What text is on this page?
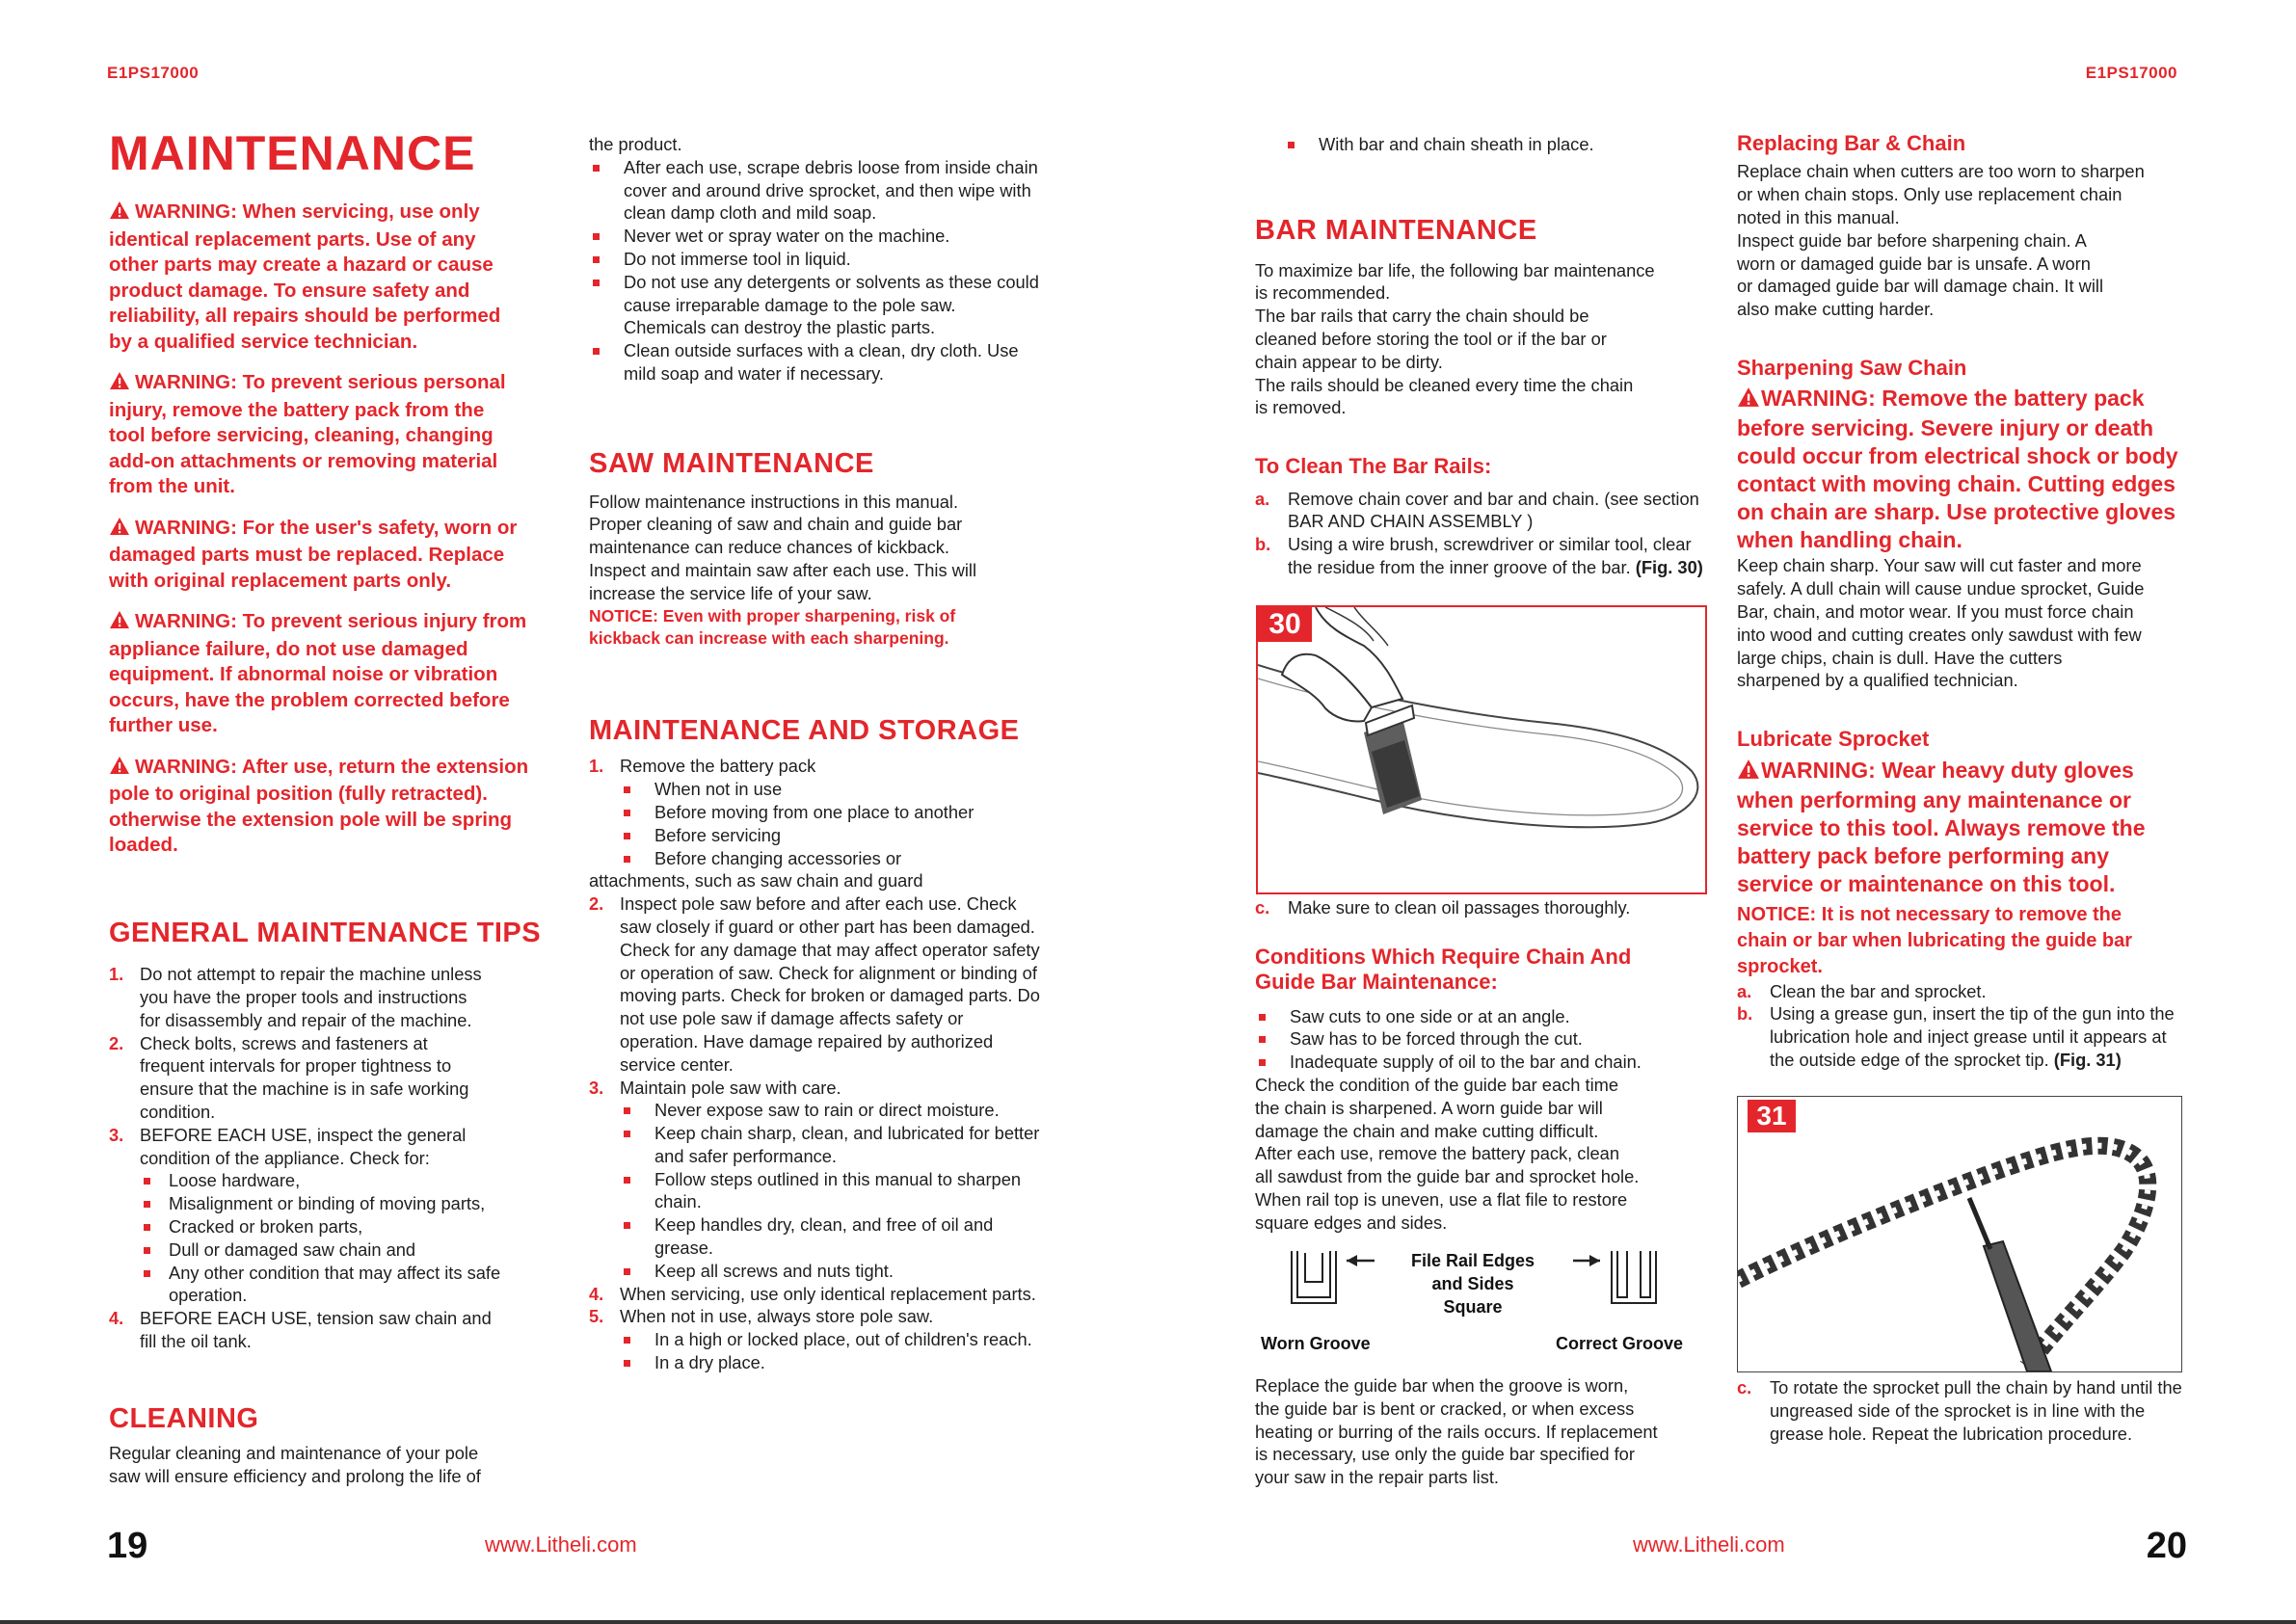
E1PS17000
MAINTENANCE

WARNING: When servicing, use only
identical replacement parts. Use of any
other parts may create a hazard or cause
product damage. To ensure safety and
reliability, all repairs should be performed
by a qualified service technician.

WARNING: To prevent serious personal
injury, remove the battery pack from the
tool before servicing, cleaning, changing
add-on attachments or removing material
from the unit.

WARNING: For the user's safety, worn or
damaged parts must be replaced. Replace
with original replacement parts only.

WARNING: To prevent serious injury from
appliance failure, do not use damaged
equipment. If abnormal noise or vibration
occurs, have the problem corrected before
further use.

WARNING: After use, return the extension
pole to original position (fully retracted).
otherwise the extension pole will be spring
loaded.

GENERAL MAINTENANCE TIPS
1. Do not attempt to repair the machine unless
you have the proper tools and instructions
for disassembly and repair of the machine.
2. Check bolts, screws and fasteners at
frequent intervals for proper tightness to
ensure that the machine is in safe working
condition.
3. BEFORE EACH USE, inspect the general
condition of the appliance. Check for:
Loose hardware,
Misalignment or binding of moving parts,
Cracked or broken parts,
Dull or damaged saw chain and
Any other condition that may affect its safe operation.
4. BEFORE EACH USE, tension saw chain and
fill the oil tank.
CLEANING

Regular cleaning and maintenance of your pole
saw will ensure efficiency and prolong the life of

the product.

After each use, scrape debris loose from inside chain cover and around drive sprocket, and then wipe with clean damp cloth and mild soap.
Never wet or spray water on the machine.
Do not immerse tool in liquid.
Do not use any detergents or solvents as these could cause irreparable damage to the pole saw. Chemicals can destroy the plastic parts.
Clean outside surfaces with a clean, dry cloth. Use mild soap and water if necessary.
SAW MAINTENANCE

Follow maintenance instructions in this manual.
Proper cleaning of saw and chain and guide bar
maintenance can reduce chances of kickback.
Inspect and maintain saw after each use. This will
increase the service life of your saw.

NOTICE: Even with proper sharpening, risk of
kickback can increase with each sharpening.

MAINTENANCE AND STORAGE
1. Remove the battery pack
When not in use
Before moving from one place to another
Before servicing
Before changing accessories or
attachments, such as saw chain and guard
2. Inspect pole saw before and after each use. Check saw closely if guard or other part has been damaged. Check for any damage that may affect operator safety or operation of saw. Check for alignment or binding of moving parts. Check for broken or damaged parts. Do not use pole saw if damage affects safety or operation. Have damage repaired by authorized service center.
3. Maintain pole saw with care.
Never expose saw to rain or direct moisture.
Keep chain sharp, clean, and lubricated for better and safer performance.
Follow steps outlined in this manual to sharpen chain.
Keep handles dry, clean, and free of oil and grease.
Keep all screws and nuts tight.
4. When servicing, use only identical replacement parts.
5. When not in use, always store pole saw.
In a high or locked place, out of children's reach.
In a dry place.
19	www.Litheli.com
E1PS17000
With bar and chain sheath in place.
BAR MAINTENANCE

To maximize bar life, the following bar maintenance
is recommended.
The bar rails that carry the chain should be
cleaned before storing the tool or if the bar or
chain appear to be dirty.
The rails should be cleaned every time the chain
is removed.

To Clean The Bar Rails:
a. Remove chain cover and bar and chain. (see section BAR AND CHAIN ASSEMBLY )
b. Using a wire brush, screwdriver or similar tool, clear the residue from the inner groove of the bar. (Fig. 30)
30
c. Make sure to clean oil passages thoroughly.
Conditions Which Require Chain And
Guide Bar Maintenance:
Saw cuts to one side or at an angle.
Saw has to be forced through the cut.
Inadequate supply of oil to the bar and chain.

Check the condition of the guide bar each time
the chain is sharpened. A worn guide bar will
damage the chain and make cutting difficult.
After each use, remove the battery pack, clean
all sawdust from the guide bar and sprocket hole.
When rail top is uneven, use a flat file to restore
square edges and sides.

File Rail Edges
and Sides
Square
Worn Groove	Correct Groove

Replace the guide bar when the groove is worn,
the guide bar is bent or cracked, or when excess
heating or burring of the rails occurs. If replacement
is necessary, use only the guide bar specified for
your saw in the repair parts list.

Replacing Bar & Chain

Replace chain when cutters are too worn to sharpen
or when chain stops. Only use replacement chain
noted in this manual.
Inspect guide bar before sharpening chain. A
worn or damaged guide bar is unsafe. A worn
or damaged guide bar will damage chain. It will
also make cutting harder.

Sharpening Saw Chain

WARNING: Remove the battery pack
before servicing. Severe injury or death
could occur from electrical shock or body
contact with moving chain. Cutting edges
on chain are sharp. Use protective gloves
when handling chain.

Keep chain sharp. Your saw will cut faster and more
safely. A dull chain will cause undue sprocket, Guide
Bar, chain, and motor wear. If you must force chain
into wood and cutting creates only sawdust with few
large chips, chain is dull. Have the cutters
sharpened by a qualified technician.

Lubricate Sprocket

WARNING: Wear heavy duty gloves
when performing any maintenance or
service to this tool. Always remove the
battery pack before performing any
service or maintenance on this tool.

NOTICE: It is not necessary to remove the
chain or bar when lubricating the guide bar
sprocket.

a. Clean the bar and sprocket.
b. Using a grease gun, insert the tip of the gun into the lubrication hole and inject grease until it appears at the outside edge of the sprocket tip. (Fig. 31)
31
c. To rotate the sprocket pull the chain by hand until the ungreased side of the sprocket is in line with the grease hole. Repeat the lubrication procedure.
www.Litheli.com	20
